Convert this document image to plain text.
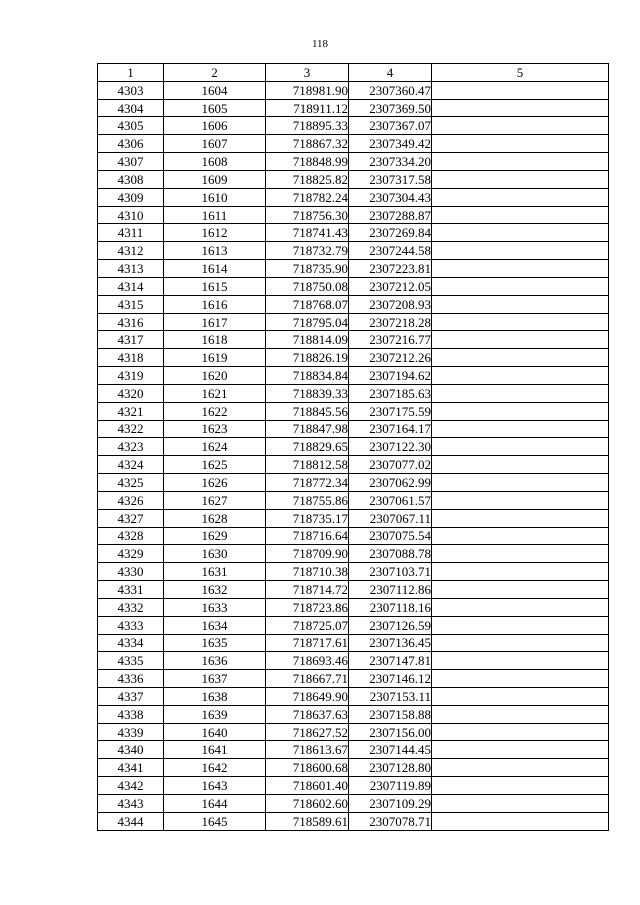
118
1	2	3	4	5
4303	1604	718981.90	2307360.47	
4304	1605	718911.12	2307369.50	
4305	1606	718895.33	2307367.07	
4306	1607	718867.32	2307349.42	
4307	1608	718848.99	2307334.20	
4308	1609	718825.82	2307317.58	
4309	1610	718782.24	2307304.43	
4310	1611	718756.30	2307288.87	
4311	1612	718741.43	2307269.84	
4312	1613	718732.79	2307244.58	
4313	1614	718735.90	2307223.81	
4314	1615	718750.08	2307212.05	
4315	1616	718768.07	2307208.93	
4316	1617	718795.04	2307218.28	
4317	1618	718814.09	2307216.77	
4318	1619	718826.19	2307212.26	
4319	1620	718834.84	2307194.62	
4320	1621	718839.33	2307185.63	
4321	1622	718845.56	2307175.59	
4322	1623	718847.98	2307164.17	
4323	1624	718829.65	2307122.30	
4324	1625	718812.58	2307077.02	
4325	1626	718772.34	2307062.99	
4326	1627	718755.86	2307061.57	
4327	1628	718735.17	2307067.11	
4328	1629	718716.64	2307075.54	
4329	1630	718709.90	2307088.78	
4330	1631	718710.38	2307103.71	
4331	1632	718714.72	2307112.86	
4332	1633	718723.86	2307118.16	
4333	1634	718725.07	2307126.59	
4334	1635	718717.61	2307136.45	
4335	1636	718693.46	2307147.81	
4336	1637	718667.71	2307146.12	
4337	1638	718649.90	2307153.11	
4338	1639	718637.63	2307158.88	
4339	1640	718627.52	2307156.00	
4340	1641	718613.67	2307144.45	
4341	1642	718600.68	2307128.80	
4342	1643	718601.40	2307119.89	
4343	1644	718602.60	2307109.29	
4344	1645	718589.61	2307078.71	
